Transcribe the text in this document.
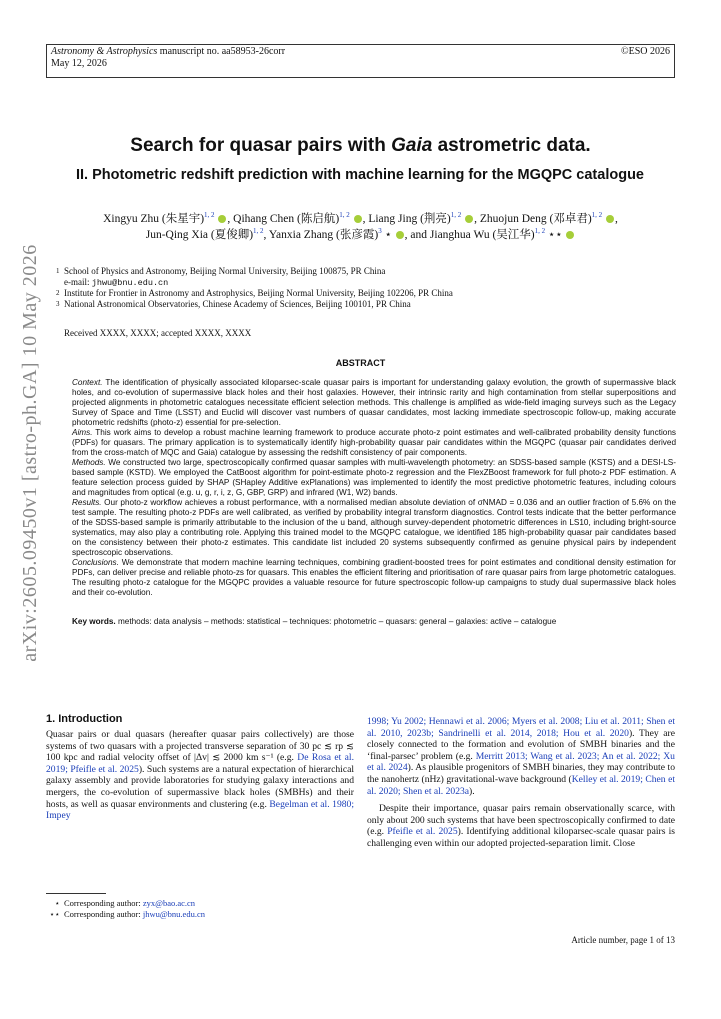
Astronomy & Astrophysics manuscript no. aa58953-26corr
May 12, 2026
©ESO 2026
arXiv:2605.09450v1 [astro-ph.GA] 10 May 2026
Search for quasar pairs with Gaia astrometric data.
II. Photometric redshift prediction with machine learning for the MGQPC catalogue
Xingyu Zhu (朱星宇)$^{1, 2}$ , Qihang Chen (陈启航)$^{1, 2}$ , Liang Jing (荆亮)$^{1, 2}$ , Zhuojun Deng (邓卓君)$^{1, 2}$ ,
Jun-Qing Xia (夏俊卿)$^{1, 2}$, Yanxia Zhang (张彦霞)$^3$ ⋆ , and Jianghua Wu (吴江华)$^{1, 2}$ ⋆⋆
1 School of Physics and Astronomy, Beijing Normal University, Beijing 100875, PR China
e-mail: jhwu@bnu.edu.cn
2 Institute for Frontier in Astronomy and Astrophysics, Beijing Normal University, Beijing 102206, PR China
3 National Astronomical Observatories, Chinese Academy of Sciences, Beijing 100101, PR China
Received XXXX, XXXX; accepted XXXX, XXXX
ABSTRACT

Context. The identification of physically associated kiloparsec-scale quasar pairs is important for understanding galaxy evolution, the growth of supermassive black holes, and co-evolution of supermassive black holes and their host galaxies. However, their intrinsic rarity and high contamination from stellar superpositions and projected alignments in photometric catalogues necessitate efficient selection methods. This challenge is amplified as wide-field imaging surveys such as the Legacy Survey of Space and Time (LSST) and Euclid will discover vast numbers of quasar candidates, most lacking immediate spectroscopic follow-up, making accurate photometric redshifts (photo-z) essential for pre-selection.

Aims. This work aims to develop a robust machine learning framework to produce accurate photo-z point estimates and well-calibrated probability density functions (PDFs) for quasars. The primary application is to systematically identify high-probability quasar pair candidates within the MGQPC (quasar pair candidates derived from the cross-match of MQC and Gaia) catalogue by assessing the redshift consistency of pair components.

Methods. We constructed two large, spectroscopically confirmed quasar samples with multi-wavelength photometry: an SDSS-based sample (KSTS) and a DESI-LS-based sample (KSTD). We employed the CatBoost algorithm for point-estimate photo-z regression and the FlexZBoost framework for full photo-z PDF estimation. A feature selection process guided by SHAP (SHapley Additive exPlanations) was implemented to identify the most predictive photometric features, including colours and magnitudes from optical (e.g. u, g, r, i, z, G, GBP, GRP) and infrared (W1, W2) bands.

Results. Our photo-z workflow achieves a robust performance, with a normalised median absolute deviation of σNMAD = 0.036 and an outlier fraction of 5.6% on the test sample. The resulting photo-z PDFs are well calibrated, as verified by probability integral transform diagnostics. Control tests indicate that the better performance of the SDSS-based sample is primarily attributable to the inclusion of the u band, although survey-dependent photometric differences in LS10, including bright-source systematics, may also play a contributing role. Applying this trained model to the MGQPC catalogue, we identified 185 high-probability quasar pair candidates based on the consistency between their photo-z estimates. This candidate list included 20 systems subsequently confirmed as genuine physical pairs by independent spectroscopic observations.

Conclusions. We demonstrate that modern machine learning techniques, combining gradient-boosted trees for point estimates and conditional density estimation for PDFs, can deliver precise and reliable photo-zs for quasars. This enables the efficient filtering and prioritisation of rare quasar pairs from large photometric catalogues. The resulting photo-z catalogue for the MGQPC provides a valuable resource for future spectroscopic follow-up campaigns to study dual supermassive black holes and their co-evolution.

Key words. methods: data analysis – methods: statistical – techniques: photometric – quasars: general – galaxies: active – catalogue
1. Introduction

Quasar pairs or dual quasars (hereafter quasar pairs collectively) are those systems of two quasars with a projected transverse separation of 30 pc ≲ rp ≲ 100 kpc and radial velocity offset of |Δv| ≲ 2000 km s⁻¹ (e.g. De Rosa et al. 2019; Pfeifle et al. 2025). Such systems are a natural expectation of hierarchical galaxy assembly and provide laboratories for studying galaxy interactions and mergers, the co-evolution of supermassive black holes (SMBHs) and their hosts, as well as quasar environments and clustering (e.g. Begelman et al. 1980; Impey

1998; Yu 2002; Hennawi et al. 2006; Myers et al. 2008; Liu et al. 2011; Shen et al. 2010, 2023b; Sandrinelli et al. 2014, 2018; Hou et al. 2020). They are closely connected to the formation and evolution of SMBH binaries and the ‘final-parsec’ problem (e.g. Merritt 2013; Wang et al. 2023; An et al. 2022; Xu et al. 2024). As plausible progenitors of SMBH binaries, they may contribute to the nanohertz (nHz) gravitational-wave background (Kelley et al. 2019; Chen et al. 2020; Shen et al. 2023a).

Despite their importance, quasar pairs remain observationally scarce, with only about 200 such systems that have been spectroscopically confirmed to date (e.g. Pfeifle et al. 2025). Identifying additional kiloparsec-scale quasar pairs is challenging even within our adopted projected-separation limit. Close

⋆ Corresponding author: zyx@bao.ac.cn
⋆⋆ Corresponding author: jhwu@bnu.edu.cn
Article number, page 1 of 13
